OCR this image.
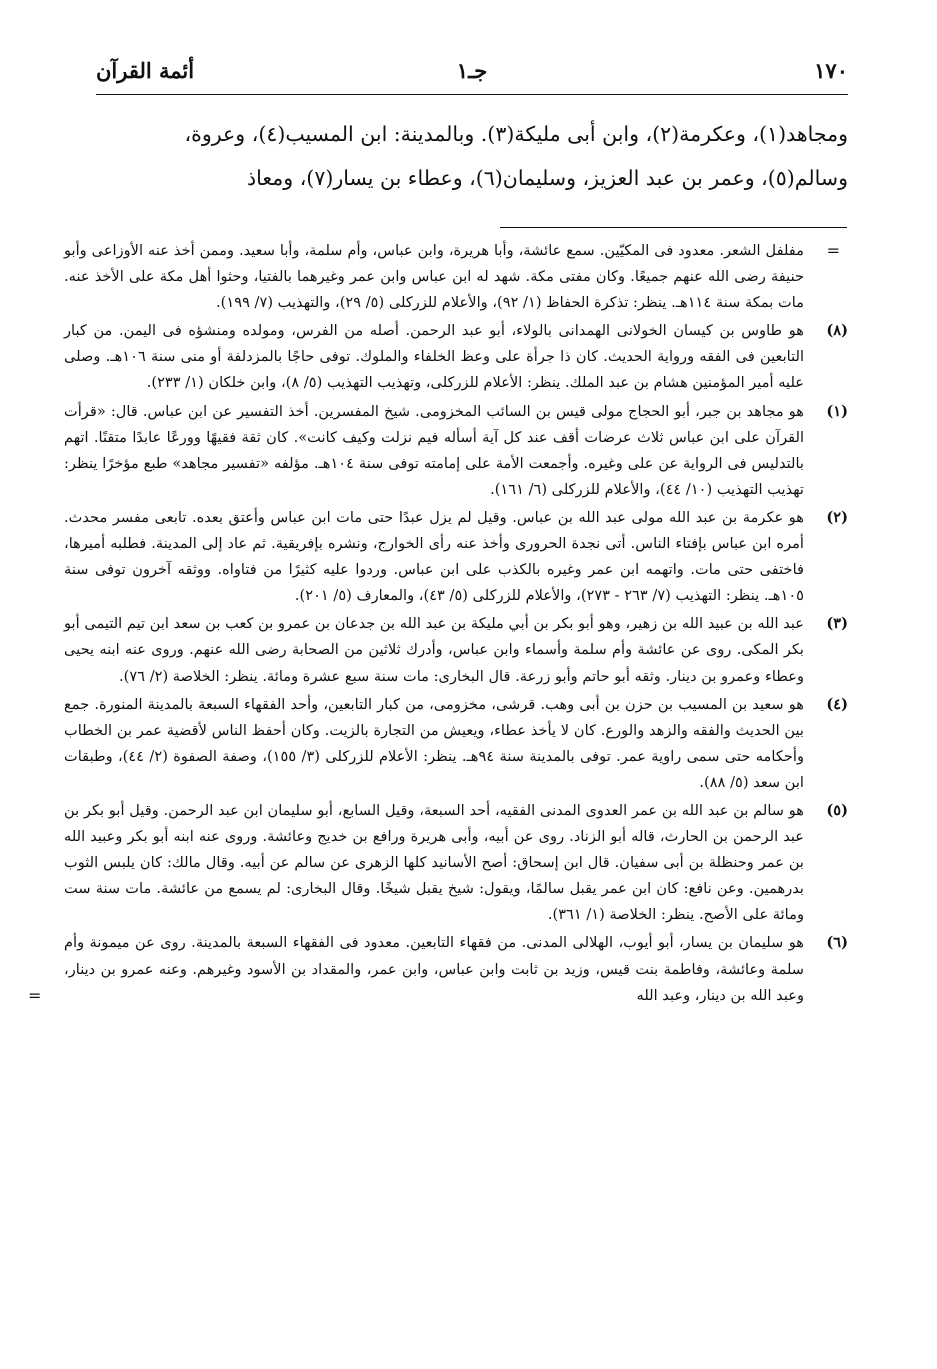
١٧٠
جـ١
أئمة القرآن

ومجاهد(١)، وعكرمة(٢)، وابن أبى مليكة(٣). وبالمدينة: ابن المسيب(٤)، وعروة،

وسالم(٥)، وعمر بن عبد العزيز، وسليمان(٦)، وعطاء بن يسار(٧)، ومعاذ

=
مفلفل الشعر. معدود فى المكيّين. سمع عائشة، وأبا هريرة، وابن عباس، وأم سلمة، وأبا سعيد. وممن أخذ عنه الأوزاعى وأبو حنيفة رضى الله عنهم جميعًا. وكان مفتى مكة. شهد له ابن عباس وابن عمر وغيرهما بالفتيا، وحثوا أهل مكة على الأخذ عنه. مات بمكة سنة ١١٤هـ. ينظر: تذكرة الحفاظ (١/ ٩٢)، والأعلام للزركلى (٥/ ٢٩)، والتهذيب (٧/ ١٩٩).
(٨)
هو طاوس بن كيسان الخولانى الهمدانى بالولاء، أبو عبد الرحمن. أصله من الفرس، ومولده ومنشؤه فى اليمن. من كبار التابعين فى الفقه ورواية الحديث. كان ذا جرأة على وعظ الخلفاء والملوك. توفى حاجًا بالمزدلفة أو منى سنة ١٠٦هـ. وصلى عليه أمير المؤمنين هشام بن عبد الملك. ينظر: الأعلام للزركلى، وتهذيب التهذيب (٥/ ٨)، وابن خلكان (١/ ٢٣٣).
(١)
هو مجاهد بن جبر، أبو الحجاج مولى قيس بن السائب المخزومى. شيخ المفسرين. أخذ التفسير عن ابن عباس. قال: «قرأت القرآن على ابن عباس ثلاث عرضات أقف عند كل آية أسأله فيم نزلت وكيف كانت». كان ثقة فقيهًا وورعًا عابدًا متقنًا. اتهم بالتدليس فى الرواية عن على وغيره. وأجمعت الأمة على إمامته توفى سنة ١٠٤هـ. مؤلفه «تفسير مجاهد» طبع مؤخرًا ينظر: تهذيب التهذيب (١٠/ ٤٤)، والأعلام للزركلى (٦/ ١٦١).
(٢)
هو عكرمة بن عبد الله مولى عبد الله بن عباس. وقيل لم يزل عبدًا حتى مات ابن عباس وأعتق بعده. تابعى مفسر محدث. أمره ابن عباس بإفتاء الناس. أتى نجدة الحرورى وأخذ عنه رأى الخوارج، ونشره بإفريقية. ثم عاد إلى المدينة. فطلبه أميرها، فاختفى حتى مات. واتهمه ابن عمر وغيره بالكذب على ابن عباس. وردوا عليه كثيرًا من فتاواه. ووثقه آخرون توفى سنة ١٠٥هـ. ينظر: التهذيب (٧/ ٢٦٣ - ٢٧٣)، والأعلام للزركلى (٥/ ٤٣)، والمعارف (٥/ ٢٠١).
(٣)
عبد الله بن عبيد الله بن زهير، وهو أبو بكر بن أبي مليكة بن عبد الله بن جدعان بن عمرو بن كعب بن سعد ابن تيم التيمى أبو بكر المكى. روى عن عائشة وأم سلمة وأسماء وابن عباس، وأدرك ثلاثين من الصحابة رضى الله عنهم. وروى عنه ابنه يحيى وعطاء وعمرو بن دينار. وثقه أبو حاتم وأبو زرعة. قال البخارى: مات سنة سبع عشرة ومائة. ينظر: الخلاصة (٢/ ٧٦).
(٤)
هو سعيد بن المسيب بن حزن بن أبى وهب. قرشى، مخزومى، من كبار التابعين، وأحد الفقهاء السبعة بالمدينة المنورة. جمع بين الحديث والفقه والزهد والورع. كان لا يأخذ عطاء، ويعيش من التجارة بالزيت. وكان أحفظ الناس لأقضية عمر بن الخطاب وأحكامه حتى سمى راوية عمر. توفى بالمدينة سنة ٩٤هـ. ينظر: الأعلام للزركلى (٣/ ١٥٥)، وصفة الصفوة (٢/ ٤٤)، وطبقات ابن سعد (٥/ ٨٨).
(٥)
هو سالم بن عبد الله بن عمر العدوى المدنى الفقيه، أحد السبعة، وقيل السابع، أبو سليمان ابن عبد الرحمن. وقيل أبو بكر بن عبد الرحمن بن الحارث، قاله أبو الزناد. روى عن أبيه، وأبى هريرة ورافع بن خديج وعائشة. وروى عنه ابنه أبو بكر وعبيد الله بن عمر وحنظلة بن أبى سفيان. قال ابن إسحاق: أصح الأسانيد كلها الزهرى عن سالم عن أبيه. وقال مالك: كان يلبس الثوب بدرهمين. وعن نافع: كان ابن عمر يقبل سالمًا، ويقول: شيخ يقبل شيخًا. وقال البخارى: لم يسمع من عائشة. مات سنة ست ومائة على الأصح. ينظر: الخلاصة (١/ ٣٦١).
(٦)
هو سليمان بن يسار، أبو أيوب، الهلالى المدنى. من فقهاء التابعين. معدود فى الفقهاء السبعة بالمدينة. روى عن ميمونة وأم سلمة وعائشة، وفاطمة بنت قيس، وزيد بن ثابت وابن عباس، وابن عمر، والمقداد بن الأسود وغيرهم. وعنه عمرو بن دينار، وعبد الله بن دينار، وعبد الله
=
